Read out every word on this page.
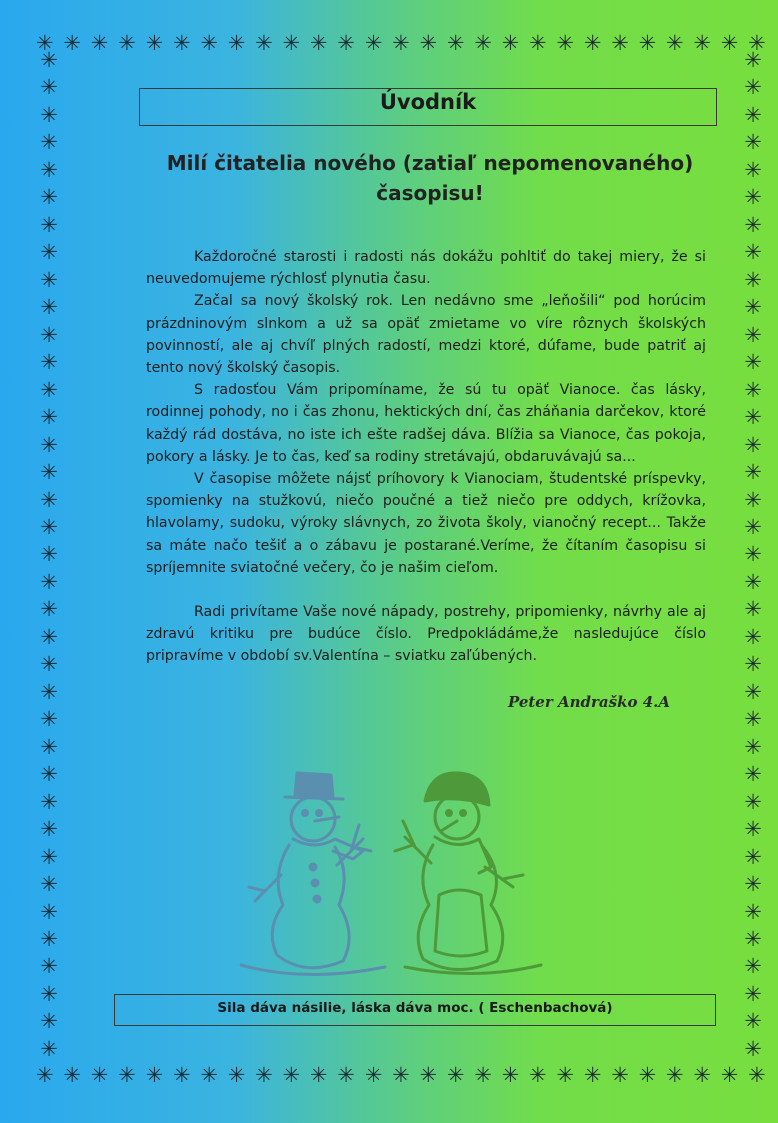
✳ ✳ ✳ ✳ ✳ ✳ ✳ ✳ ✳ ✳ ✳ ✳ ✳ ✳ ✳ ✳ ✳ ✳ ✳ ✳ ✳ ✳ ✳ ✳ ✳ ✳ ✳
✳ ✳ ✳ ✳ ✳ ✳ ✳ ✳ ✳ ✳ ✳ ✳ ✳ ✳ ✳ ✳ ✳ ✳ ✳ ✳ ✳ ✳ ✳ ✳ ✳ ✳ ✳
✳
✳
✳
✳
✳
✳
✳
✳
✳
✳
✳
✳
✳
✳
✳
✳
✳
✳
✳
✳
✳
✳
✳
✳
✳
✳
✳
✳
✳
✳
✳
✳
✳
✳
✳
✳
✳
✳
✳
✳
✳
✳
✳
✳
✳
✳
✳
✳
✳
✳
✳
✳
✳
✳
✳
✳
✳
✳
✳
✳
✳
✳
✳
✳
✳
✳
✳
✳
✳
✳
✳
✳
✳
✳
Úvodník
Milí čitatelia nového (zatiaľ nepomenovaného) časopisu!

Každoročné starosti i radosti nás dokážu pohltiť do takej miery, že si neuvedomujeme rýchlosť plynutia času.

Začal sa nový školský rok. Len nedávno sme „leňošili“ pod horúcim prázdninovým slnkom a už sa opäť zmietame vo víre rôznych školských povinností, ale aj chvíľ plných radostí, medzi ktoré, dúfame, bude patriť aj tento nový školský časopis.

S radosťou Vám pripomíname, že sú tu opäť Vianoce. čas lásky, rodinnej pohody, no i čas zhonu, hektických dní, čas zháňania darčekov, ktoré každý rád dostáva, no iste ich ešte radšej dáva. Blížia sa Vianoce, čas pokoja, pokory a lásky. Je to čas, keď sa rodiny stretávajú, obdaruvávajú sa...

V časopise môžete nájsť príhovory k Vianociam, študentské príspevky, spomienky na stužkovú, niečo poučné a tiež niečo pre oddych, krížovka, hlavolamy, sudoku, výroky slávnych, zo života školy, vianočný recept... Takže sa máte načo tešiť a o zábavu je postarané.Veríme, že čítaním časopisu si spríjemnite sviatočné večery, čo je našim cieľom.

Radi privítame Vaše nové nápady, postrehy, pripomienky, návrhy ale aj zdravú kritiku pre budúce číslo. Predpokládáme,že nasledujúce číslo pripravíme v období sv.Valentína – sviatku zaľúbených.

Peter Andraško 4.A
Sila dáva násilie, láska dáva moc. ( Eschenbachová)
